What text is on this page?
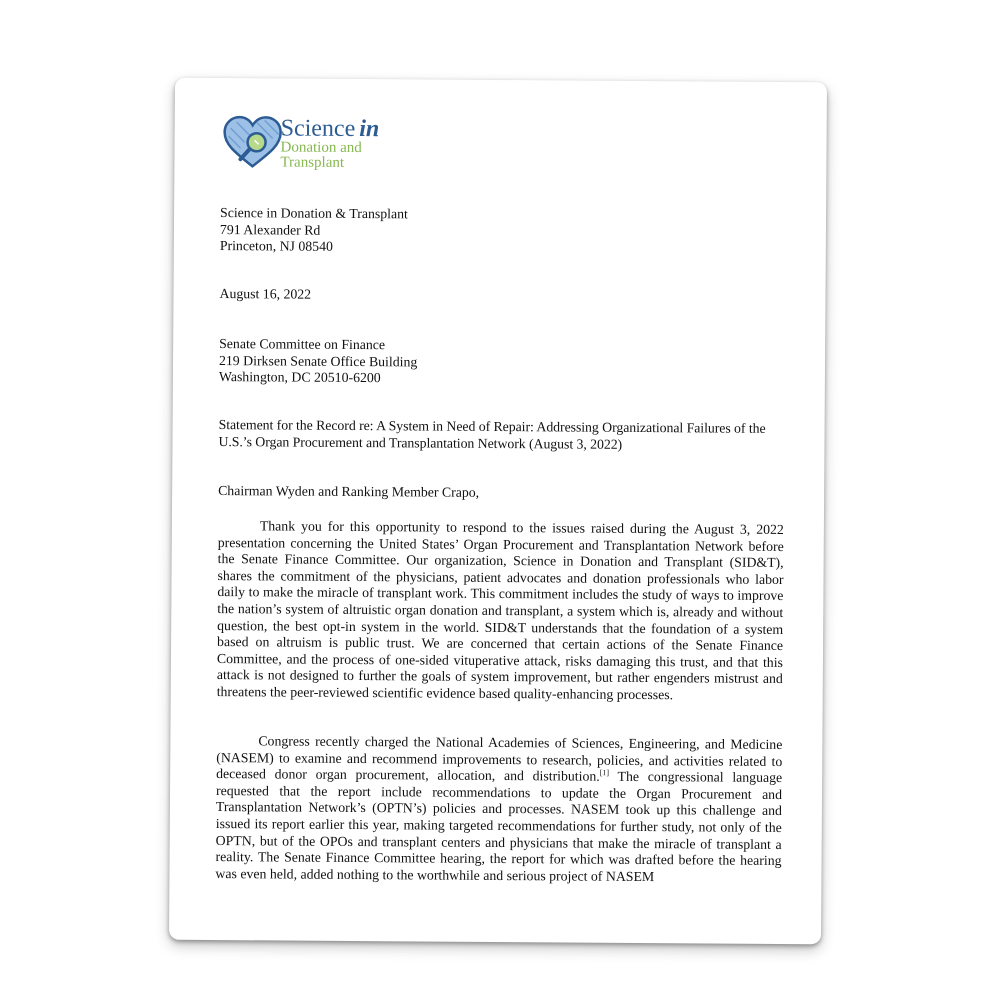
Science in
Donation and
Transplant
Science in Donation & Transplant
791 Alexander Rd
Princeton, NJ 08540
August 16, 2022
Senate Committee on Finance
219 Dirksen Senate Office Building
Washington, DC 20510-6200
Statement for the Record re: A System in Need of Repair: Addressing Organizational Failures of the U.S.’s Organ Procurement and Transplantation Network (August 3, 2022)
Chairman Wyden and Ranking Member Crapo,

Thank you for this opportunity to respond to the issues raised during the August 3, 2022 presentation concerning the United States’ Organ Procurement and Transplantation Network before the Senate Finance Committee. Our organization, Science in Donation and Transplant (SID&T), shares the commitment of the physicians, patient advocates and donation professionals who labor daily to make the miracle of transplant work. This commitment includes the study of ways to improve the nation’s system of altruistic organ donation and transplant, a system which is, already and without question, the best opt-in system in the world. SID&T understands that the foundation of a system based on altruism is public trust. We are concerned that certain actions of the Senate Finance Committee, and the process of one-sided vituperative attack, risks damaging this trust, and that this attack is not designed to further the goals of system improvement, but rather engenders mistrust and threatens the peer-reviewed scientific evidence based quality-enhancing processes.

Congress recently charged the National Academies of Sciences, Engineering, and Medicine (NASEM) to examine and recommend improvements to research, policies, and activities related to deceased donor organ procurement, allocation, and distribution.[1] The congressional language requested that the report include recommendations to update the Organ Procurement and Transplantation Network’s (OPTN’s) policies and processes. NASEM took up this challenge and issued its report earlier this year, making targeted recommendations for further study, not only of the OPTN, but of the OPOs and transplant centers and physicians that make the miracle of transplant a reality. The Senate Finance Committee hearing, the report for which was drafted before the hearing was even held, added nothing to the worthwhile and serious project of NASEM
